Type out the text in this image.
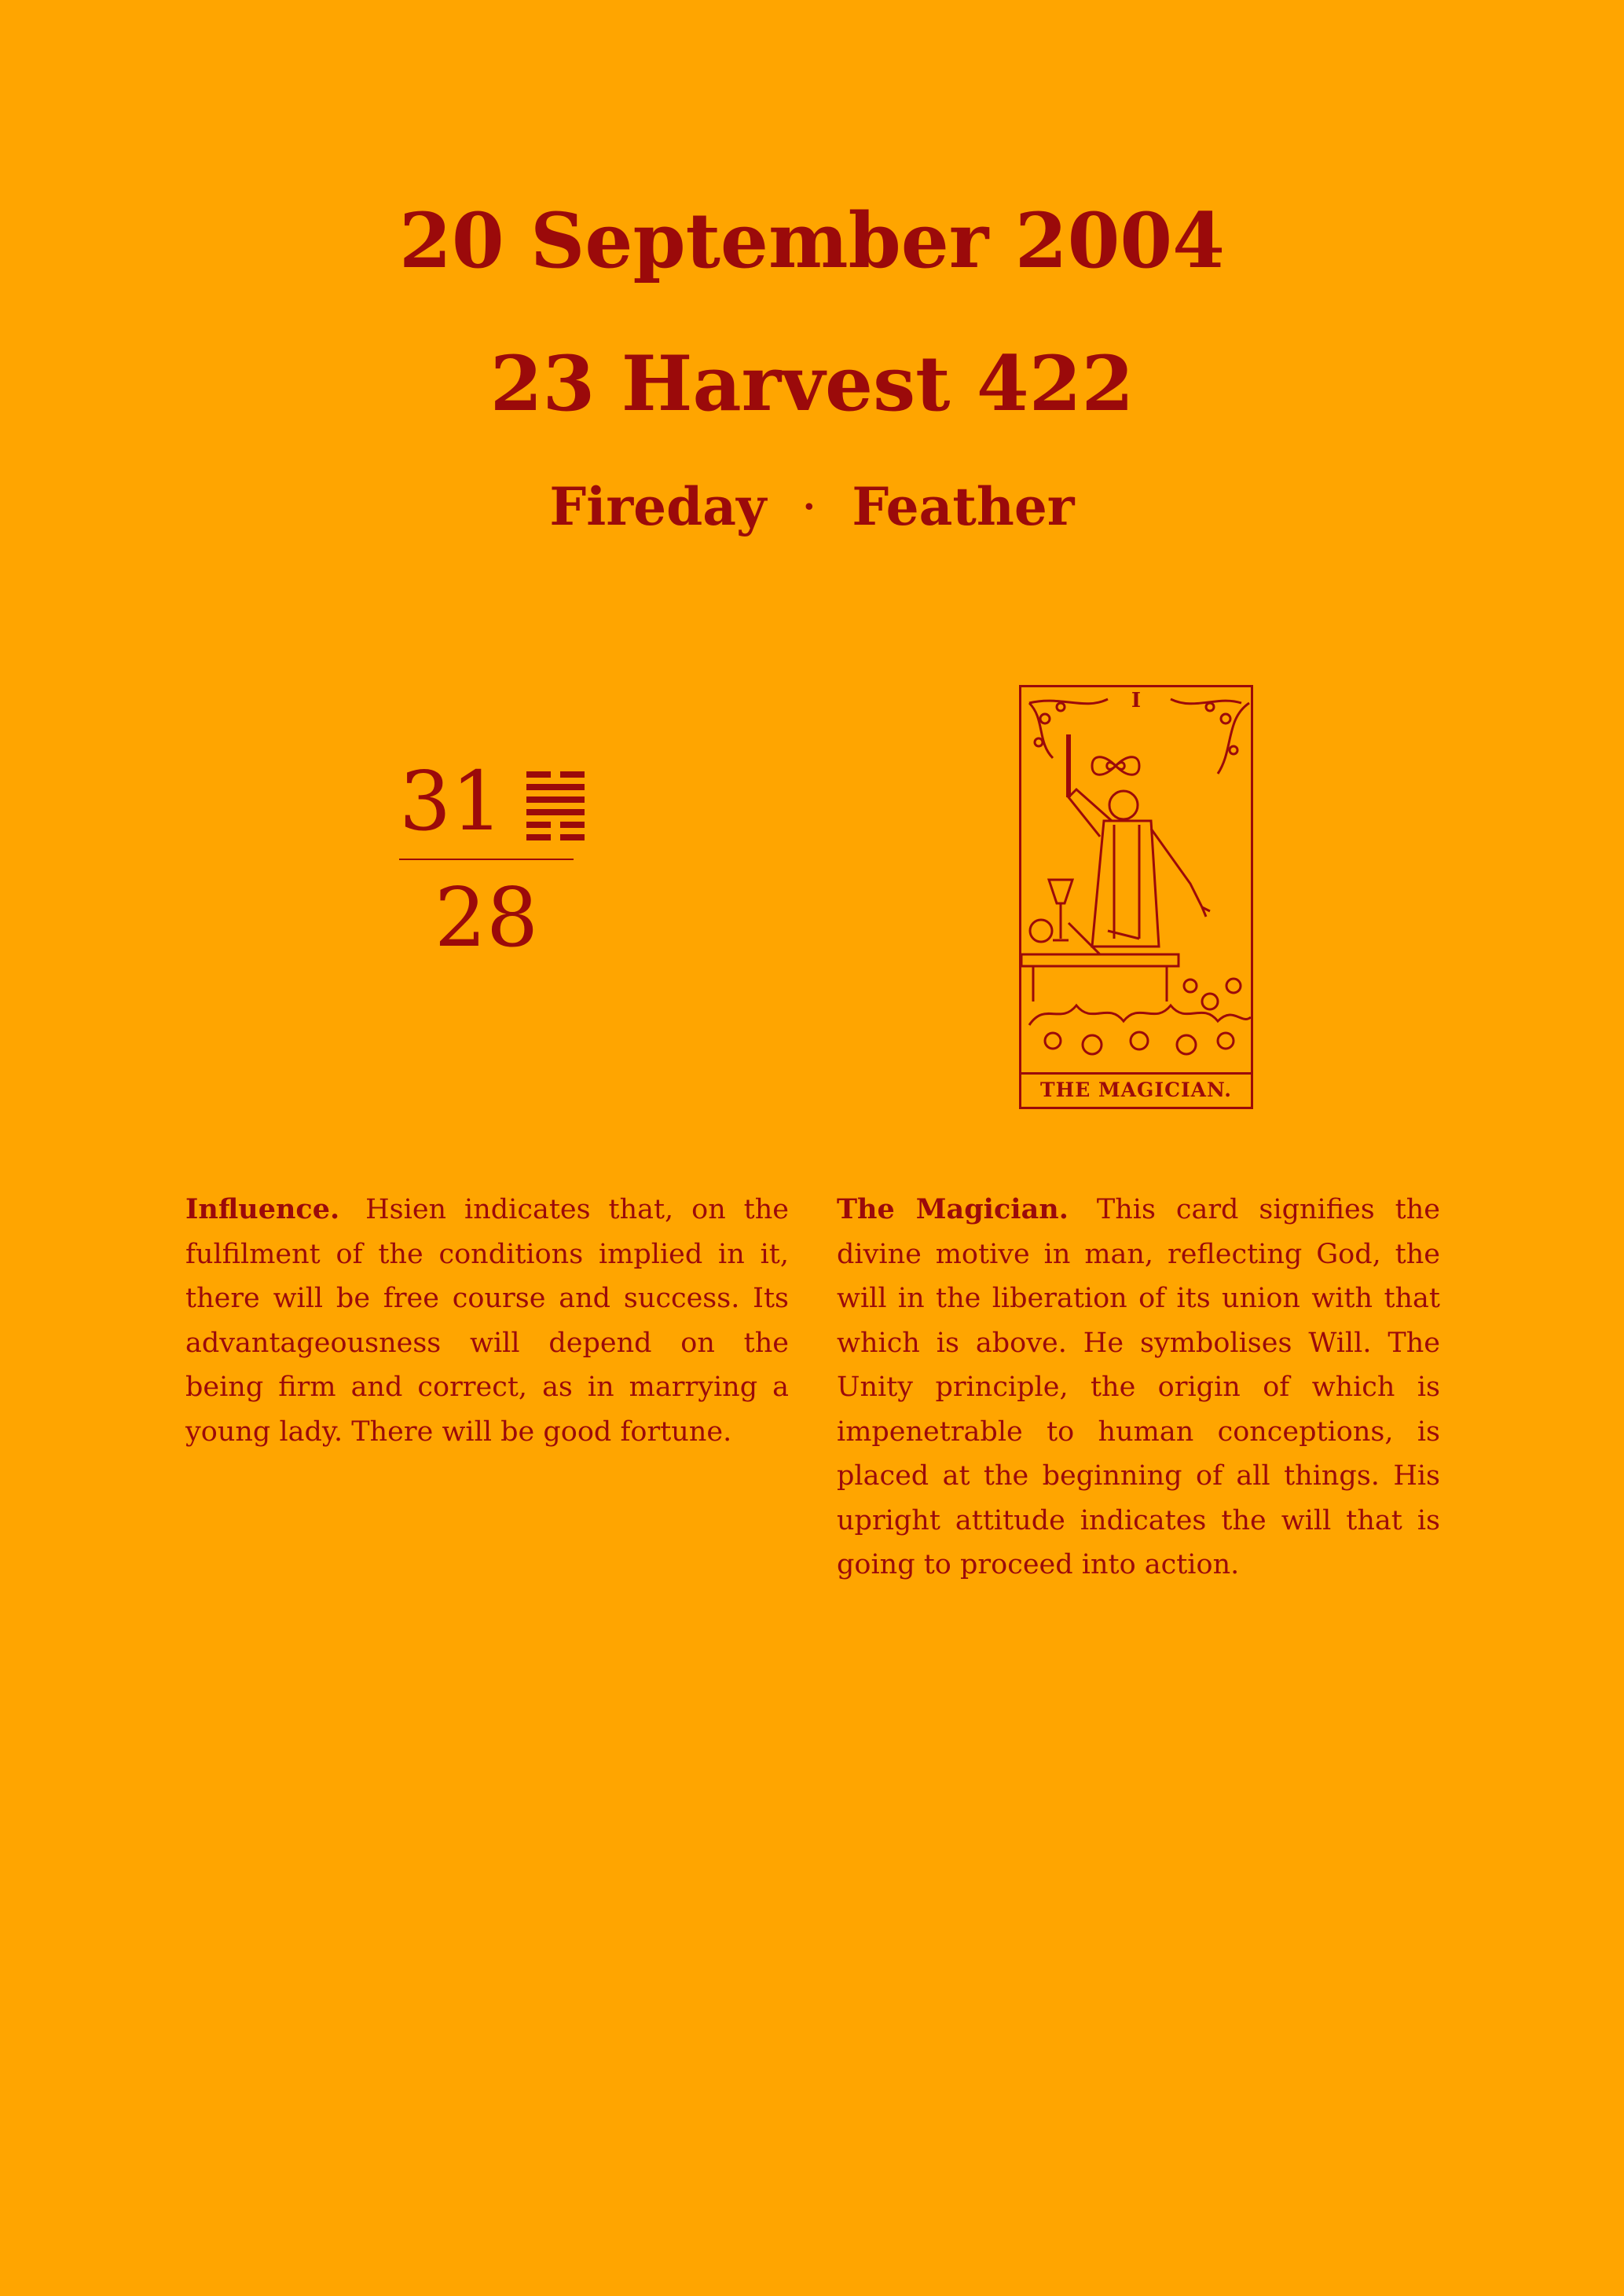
20 September 2004
23 Harvest 422
Fireday · Feather
31
28
I
THE MAGICIAN.
Influence. Hsien indicates that, on the fulfilment of the conditions implied in it, there will be free course and success. Its advantageousness will depend on the being firm and correct, as in marrying a young lady. There will be good fortune.
The Magician. This card signifies the divine motive in man, reflecting God, the will in the liberation of its union with that which is above. He symbolises Will. The Unity principle, the origin of which is impenetrable to human conceptions, is placed at the beginning of all things. His upright attitude indicates the will that is going to proceed into action.
